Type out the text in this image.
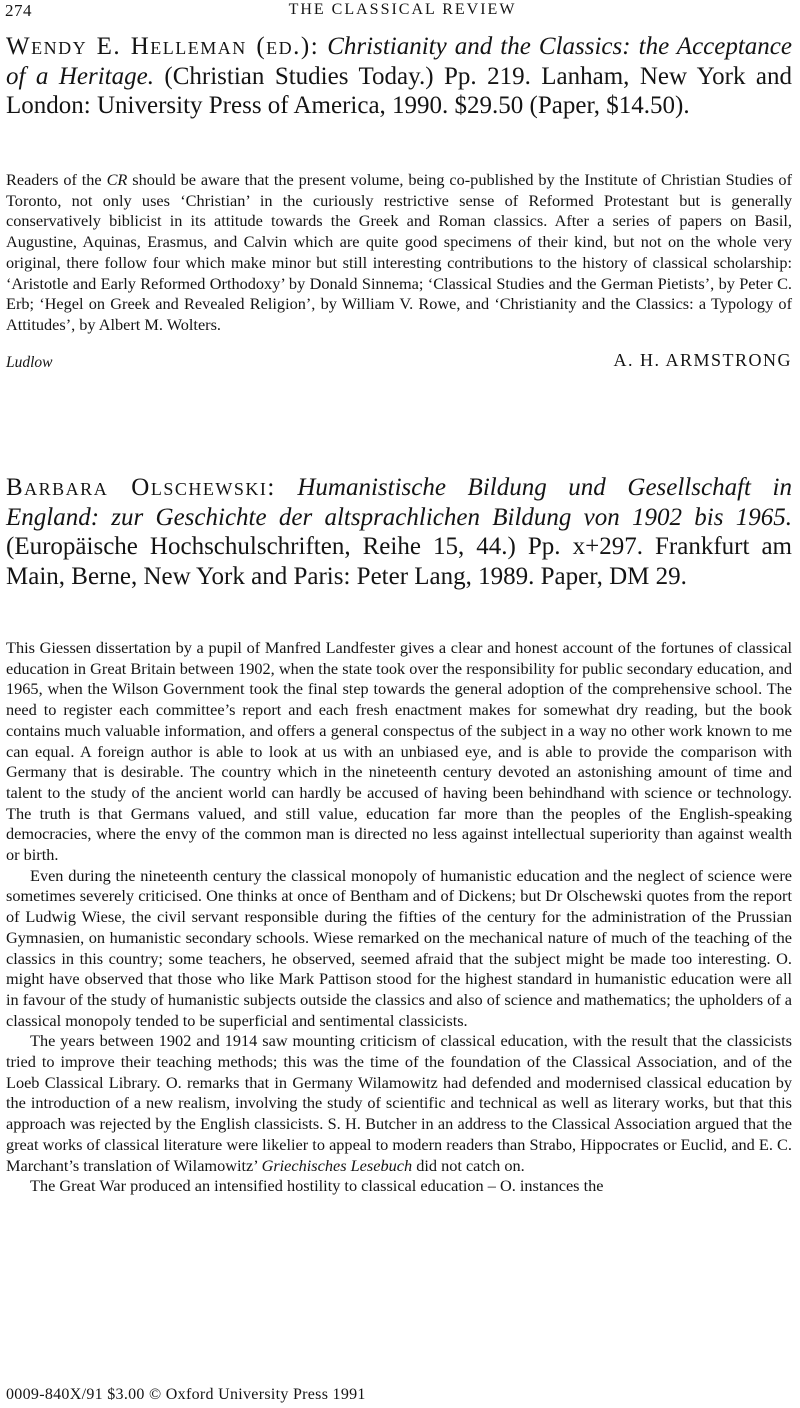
274	THE CLASSICAL REVIEW
Wendy E. Helleman (ed.): Christianity and the Classics: the Acceptance of a Heritage. (Christian Studies Today.) Pp. 219. Lanham, New York and London: University Press of America, 1990. $29.50 (Paper, $14.50).

Readers of the CR should be aware that the present volume, being co-published by the Institute of Christian Studies of Toronto, not only uses ‘Christian’ in the curiously restrictive sense of Reformed Protestant but is generally conservatively biblicist in its attitude towards the Greek and Roman classics. After a series of papers on Basil, Augustine, Aquinas, Erasmus, and Calvin which are quite good specimens of their kind, but not on the whole very original, there follow four which make minor but still interesting contributions to the history of classical scholarship: ‘Aristotle and Early Reformed Orthodoxy’ by Donald Sinnema; ‘Classical Studies and the German Pietists’, by Peter C. Erb; ‘Hegel on Greek and Revealed Religion’, by William V. Rowe, and ‘Christianity and the Classics: a Typology of Attitudes’, by Albert M. Wolters.

Ludlow	A. H. ARMSTRONG
Barbara Olschewski: Humanistische Bildung und Gesellschaft in England: zur Geschichte der altsprachlichen Bildung von 1902 bis 1965. (Europäische Hochschulschriften, Reihe 15, 44.) Pp. x+297. Frankfurt am Main, Berne, New York and Paris: Peter Lang, 1989. Paper, DM 29.

This Giessen dissertation by a pupil of Manfred Landfester gives a clear and honest account of the fortunes of classical education in Great Britain between 1902, when the state took over the responsibility for public secondary education, and 1965, when the Wilson Government took the final step towards the general adoption of the comprehensive school. The need to register each committee’s report and each fresh enactment makes for somewhat dry reading, but the book contains much valuable information, and offers a general conspectus of the subject in a way no other work known to me can equal. A foreign author is able to look at us with an unbiased eye, and is able to provide the comparison with Germany that is desirable. The country which in the nineteenth century devoted an astonishing amount of time and talent to the study of the ancient world can hardly be accused of having been behindhand with science or technology. The truth is that Germans valued, and still value, education far more than the peoples of the English-speaking democracies, where the envy of the common man is directed no less against intellectual superiority than against wealth or birth.

Even during the nineteenth century the classical monopoly of humanistic education and the neglect of science were sometimes severely criticised. One thinks at once of Bentham and of Dickens; but Dr Olschewski quotes from the report of Ludwig Wiese, the civil servant responsible during the fifties of the century for the administration of the Prussian Gymnasien, on humanistic secondary schools. Wiese remarked on the mechanical nature of much of the teaching of the classics in this country; some teachers, he observed, seemed afraid that the subject might be made too interesting. O. might have observed that those who like Mark Pattison stood for the highest standard in humanistic education were all in favour of the study of humanistic subjects outside the classics and also of science and mathematics; the upholders of a classical monopoly tended to be superficial and sentimental classicists.

The years between 1902 and 1914 saw mounting criticism of classical education, with the result that the classicists tried to improve their teaching methods; this was the time of the foundation of the Classical Association, and of the Loeb Classical Library. O. remarks that in Germany Wilamowitz had defended and modernised classical education by the introduction of a new realism, involving the study of scientific and technical as well as literary works, but that this approach was rejected by the English classicists. S. H. Butcher in an address to the Classical Association argued that the great works of classical literature were likelier to appeal to modern readers than Strabo, Hippocrates or Euclid, and E. C. Marchant’s translation of Wilamowitz’ Griechisches Lesebuch did not catch on.

The Great War produced an intensified hostility to classical education – O. instances the

0009-840X/91 $3.00 © Oxford University Press 1991
